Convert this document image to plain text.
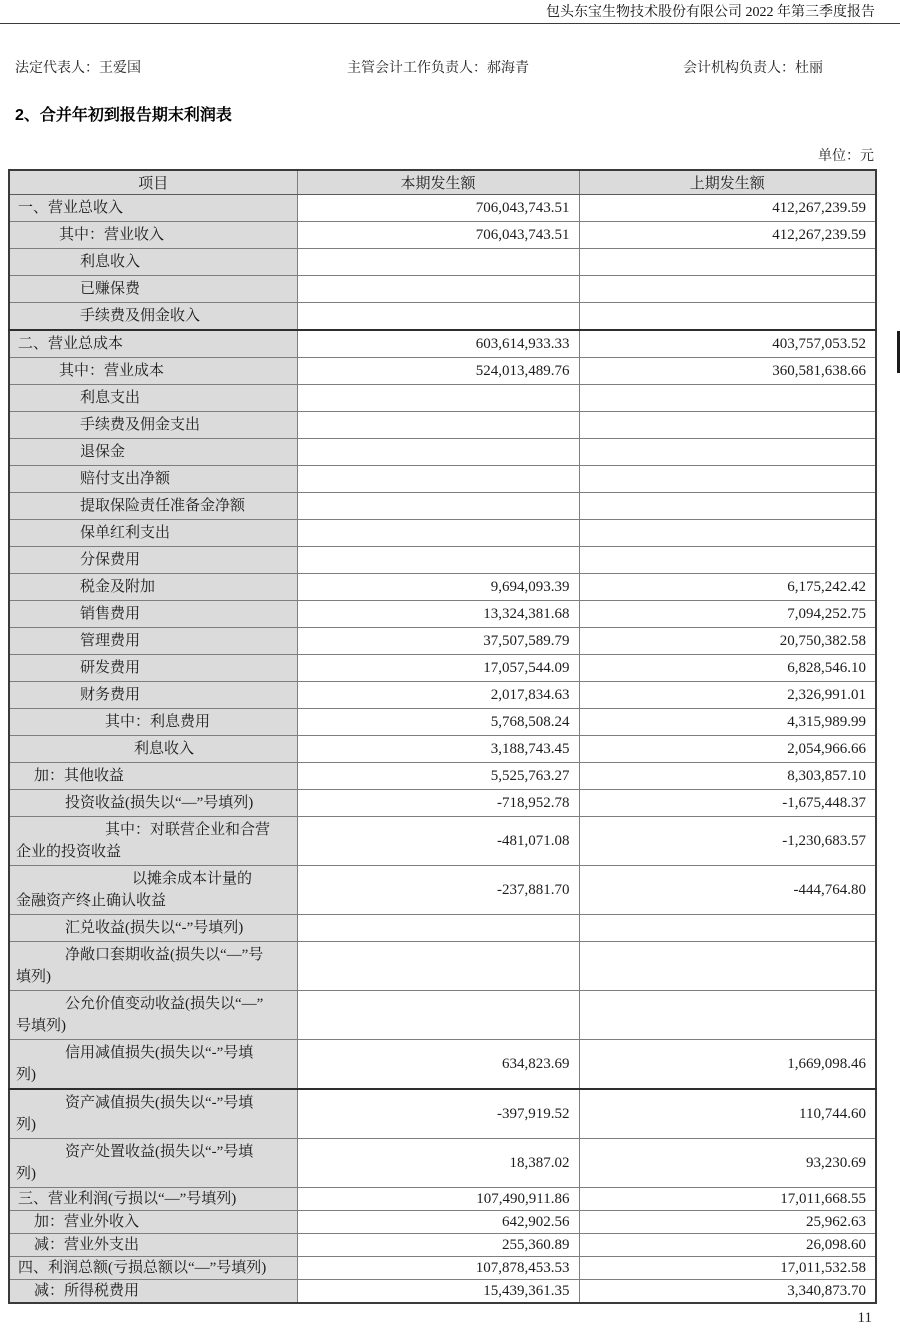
包头东宝生物技术股份有限公司 2022 年第三季度报告
法定代表人：王爱国	主管会计工作负责人：郝海青	会计机构负责人：杜丽
2、合并年初到报告期末利润表
单位：元
项目	本期发生额	上期发生额
一、营业总收入	706,043,743.51	412,267,239.59
其中：营业收入	706,043,743.51	412,267,239.59
利息收入		
已赚保费		
手续费及佣金收入		
二、营业总成本	603,614,933.33	403,757,053.52
其中：营业成本	524,013,489.76	360,581,638.66
利息支出		
手续费及佣金支出		
退保金		
赔付支出净额		
提取保险责任准备金净额		
保单红利支出		
分保费用		
税金及附加	9,694,093.39	6,175,242.42
销售费用	13,324,381.68	7,094,252.75
管理费用	37,507,589.79	20,750,382.58
研发费用	17,057,544.09	6,828,546.10
财务费用	2,017,834.63	2,326,991.01
其中：利息费用	5,768,508.24	4,315,989.99
利息收入	3,188,743.45	2,054,966.66
加：其他收益	5,525,763.27	8,303,857.10
投资收益(损失以“—”号填列)	-718,952.78	-1,675,448.37
其中：对联营企业和合营
企业的投资收益	-481,071.08	-1,230,683.57
以摊余成本计量的
金融资产终止确认收益	-237,881.70	-444,764.80
汇兑收益(损失以“-”号填列)		
净敞口套期收益(损失以“—”号
填列)		
公允价值变动收益(损失以“—”
号填列)		
信用减值损失(损失以“-”号填
列)	634,823.69	1,669,098.46
资产减值损失(损失以“-”号填
列)	-397,919.52	110,744.60
资产处置收益(损失以“-”号填
列)	18,387.02	93,230.69
三、营业利润(亏损以“—”号填列)	107,490,911.86	17,011,668.55
加：营业外收入	642,902.56	25,962.63
减：营业外支出	255,360.89	26,098.60
四、利润总额(亏损总额以“—”号填列)	107,878,453.53	17,011,532.58
减：所得税费用	15,439,361.35	3,340,873.70
11
